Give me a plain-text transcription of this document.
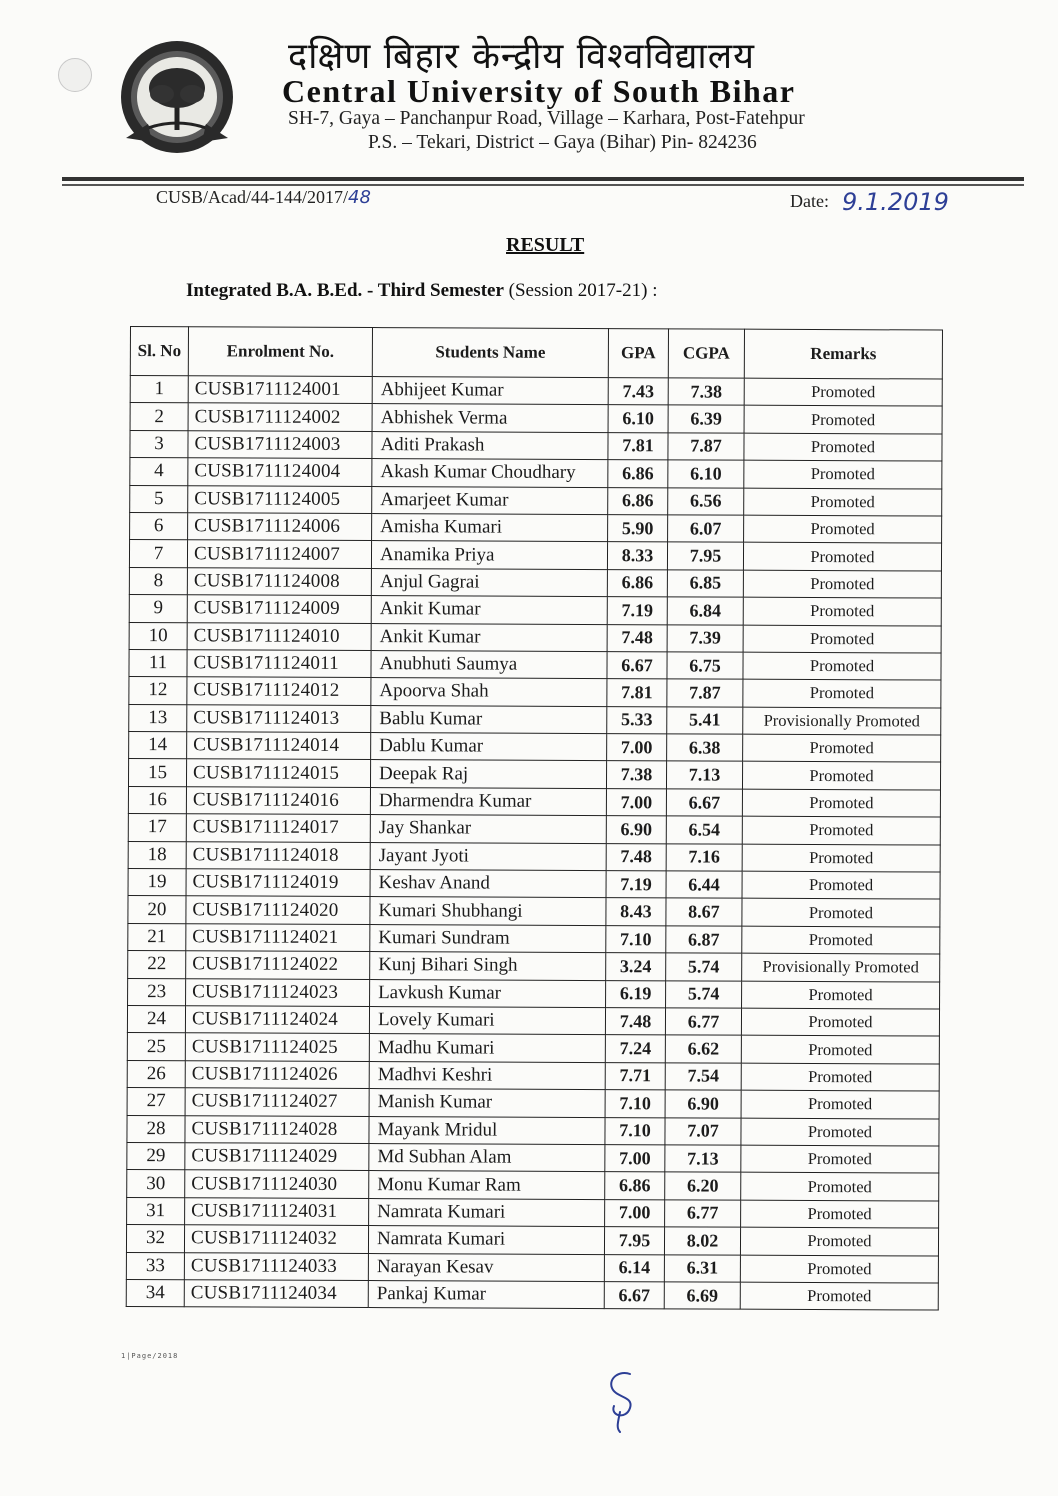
दक्षिण बिहार केन्द्रीय विश्वविद्यालय
Central University of South Bihar
SH-7, Gaya – Panchanpur Road, Village – Karhara, Post-Fatehpur
P.S. – Tekari, District – Gaya (Bihar) Pin- 824236
CUSB/Acad/44-144/2017/48	Date: 9.1.2019
RESULT
Integrated B.A. B.Ed. - Third Semester (Session 2017-21) :
Sl. No	Enrolment No.	Students Name	GPA	CGPA	Remarks
1	CUSB1711124001	Abhijeet Kumar	7.43	7.38	Promoted
2	CUSB1711124002	Abhishek Verma	6.10	6.39	Promoted
3	CUSB1711124003	Aditi Prakash	7.81	7.87	Promoted
4	CUSB1711124004	Akash Kumar Choudhary	6.86	6.10	Promoted
5	CUSB1711124005	Amarjeet Kumar	6.86	6.56	Promoted
6	CUSB1711124006	Amisha Kumari	5.90	6.07	Promoted
7	CUSB1711124007	Anamika Priya	8.33	7.95	Promoted
8	CUSB1711124008	Anjul Gagrai	6.86	6.85	Promoted
9	CUSB1711124009	Ankit Kumar	7.19	6.84	Promoted
10	CUSB1711124010	Ankit Kumar	7.48	7.39	Promoted
11	CUSB1711124011	Anubhuti Saumya	6.67	6.75	Promoted
12	CUSB1711124012	Apoorva Shah	7.81	7.87	Promoted
13	CUSB1711124013	Bablu Kumar	5.33	5.41	Provisionally Promoted
14	CUSB1711124014	Dablu Kumar	7.00	6.38	Promoted
15	CUSB1711124015	Deepak Raj	7.38	7.13	Promoted
16	CUSB1711124016	Dharmendra Kumar	7.00	6.67	Promoted
17	CUSB1711124017	Jay Shankar	6.90	6.54	Promoted
18	CUSB1711124018	Jayant Jyoti	7.48	7.16	Promoted
19	CUSB1711124019	Keshav Anand	7.19	6.44	Promoted
20	CUSB1711124020	Kumari Shubhangi	8.43	8.67	Promoted
21	CUSB1711124021	Kumari Sundram	7.10	6.87	Promoted
22	CUSB1711124022	Kunj Bihari Singh	3.24	5.74	Provisionally Promoted
23	CUSB1711124023	Lavkush Kumar	6.19	5.74	Promoted
24	CUSB1711124024	Lovely Kumari	7.48	6.77	Promoted
25	CUSB1711124025	Madhu Kumari	7.24	6.62	Promoted
26	CUSB1711124026	Madhvi Keshri	7.71	7.54	Promoted
27	CUSB1711124027	Manish Kumar	7.10	6.90	Promoted
28	CUSB1711124028	Mayank Mridul	7.10	7.07	Promoted
29	CUSB1711124029	Md Subhan Alam	7.00	7.13	Promoted
30	CUSB1711124030	Monu Kumar Ram	6.86	6.20	Promoted
31	CUSB1711124031	Namrata Kumari	7.00	6.77	Promoted
32	CUSB1711124032	Namrata Kumari	7.95	8.02	Promoted
33	CUSB1711124033	Narayan Kesav	6.14	6.31	Promoted
34	CUSB1711124034	Pankaj Kumar	6.67	6.69	Promoted
1|Page/2018
